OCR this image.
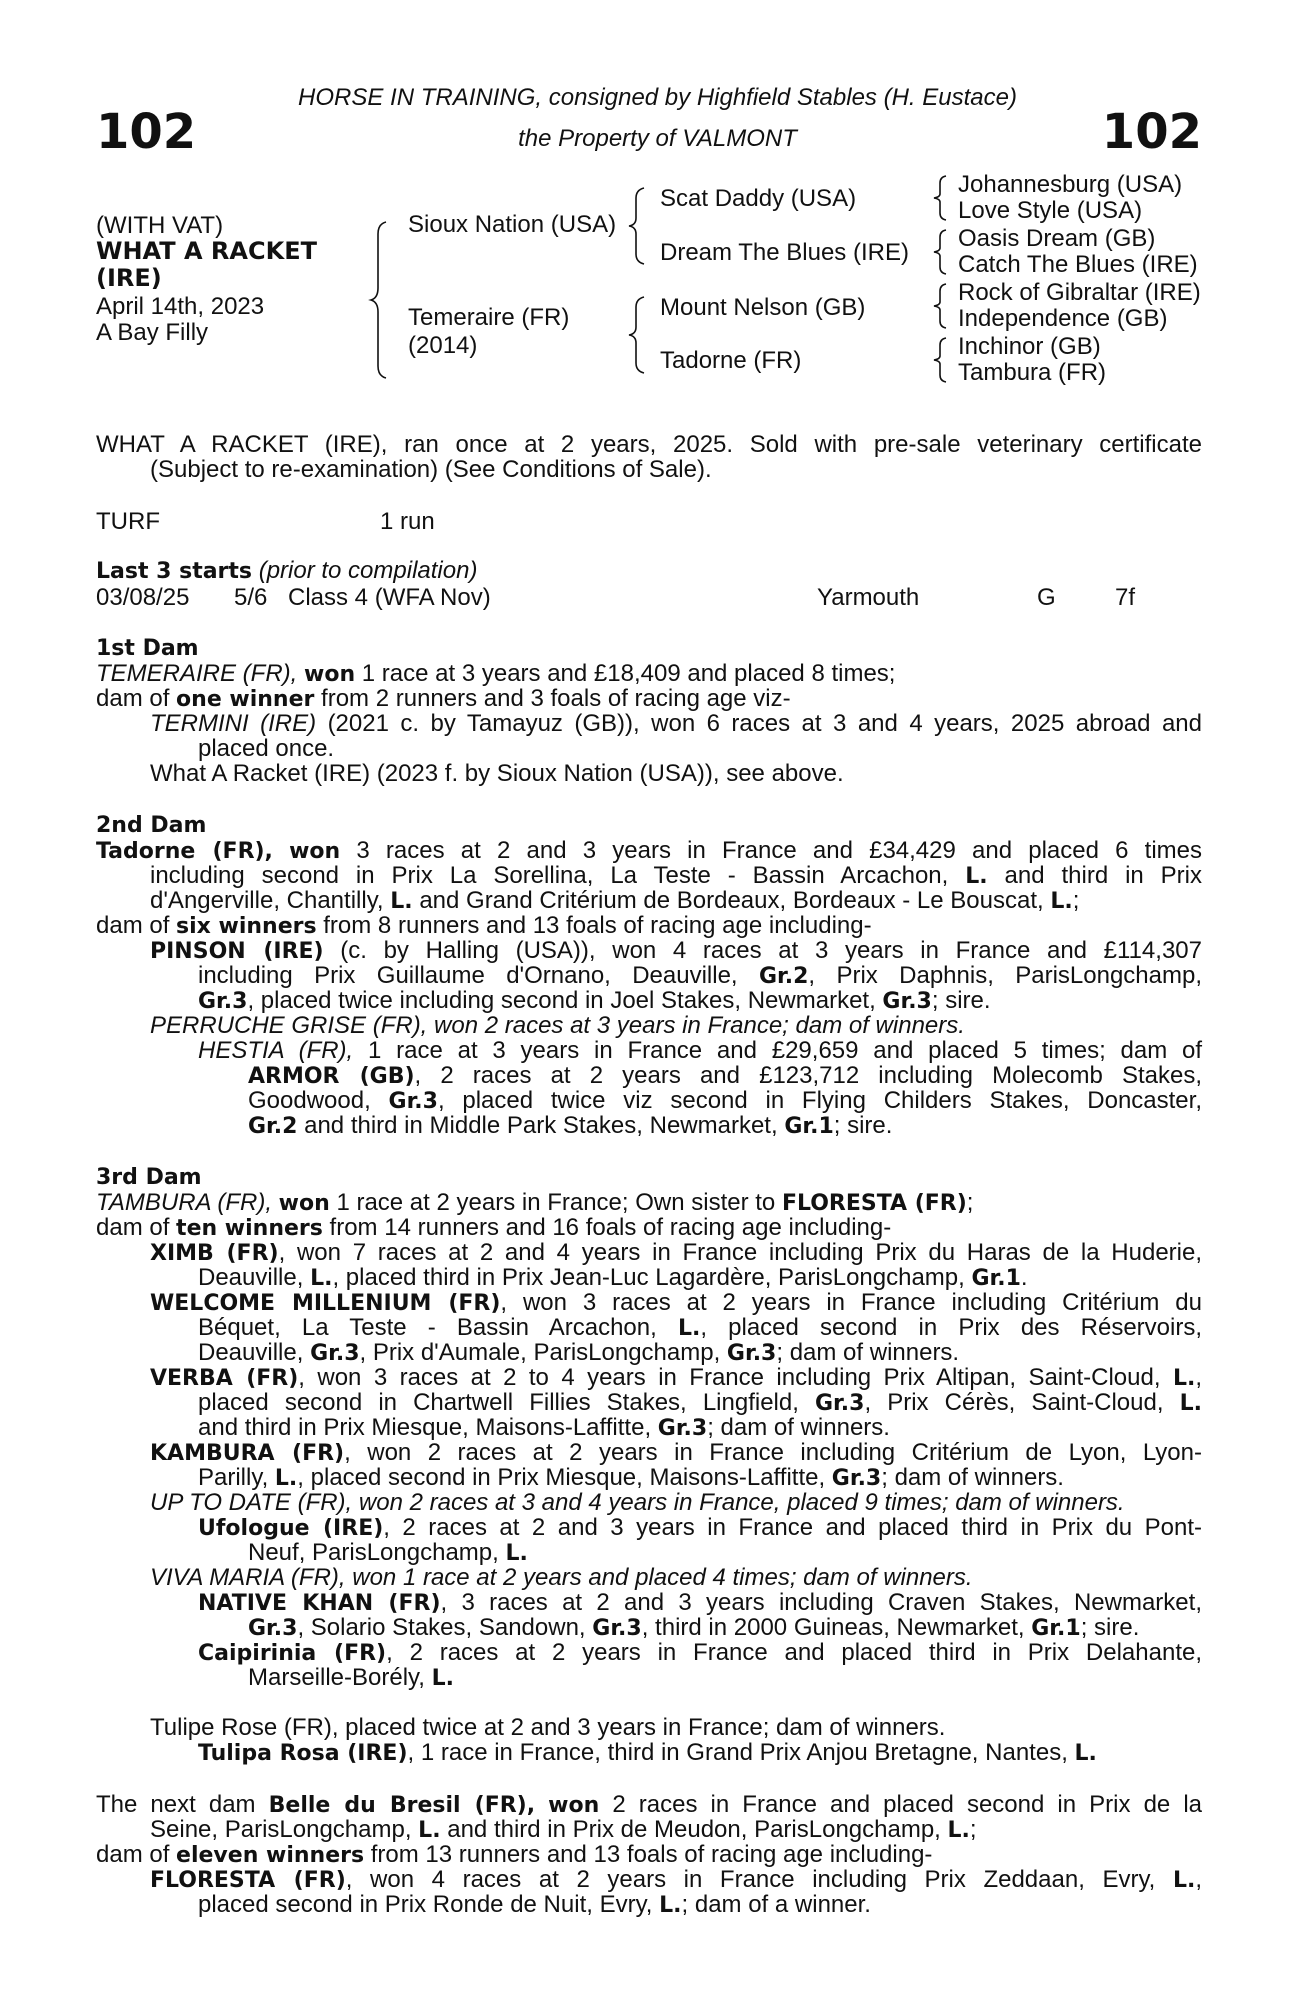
102	102
HORSE IN TRAINING, consigned by Highfield Stables (H. Eustace)
the Property of VALMONT
(WITH VAT)
WHAT A RACKET
(IRE)
April 14th, 2023
A Bay Filly
Sioux Nation (USA)
Temeraire (FR)
(2014)
Scat Daddy (USA)
Dream The Blues (IRE)
Mount Nelson (GB)
Tadorne (FR)
Johannesburg (USA)
Love Style (USA)
Oasis Dream (GB)
Catch The Blues (IRE)
Rock of Gibraltar (IRE)
Independence (GB)
Inchinor (GB)
Tambura (FR)
WHAT A RACKET (IRE), ran once at 2 years, 2025. Sold with pre-sale veterinary certificate
(Subject to re-examination) (See Conditions of Sale).
TURF	1 run
Last 3 starts (prior to compilation)
03/08/25 5/6 Class 4 (WFA Nov)	Yarmouth	G 7f
1st Dam
TEMERAIRE (FR), won 1 race at 3 years and £18,409 and placed 8 times;
dam of one winner from 2 runners and 3 foals of racing age viz-
TERMINI (IRE) (2021 c. by Tamayuz (GB)), won 6 races at 3 and 4 years, 2025 abroad and
placed once.
What A Racket (IRE) (2023 f. by Sioux Nation (USA)), see above.
2nd Dam
Tadorne (FR), won 3 races at 2 and 3 years in France and £34,429 and placed 6 times
including second in Prix La Sorellina, La Teste - Bassin Arcachon, L. and third in Prix
d'Angerville, Chantilly, L. and Grand Critérium de Bordeaux, Bordeaux - Le Bouscat, L.;
dam of six winners from 8 runners and 13 foals of racing age including-
PINSON (IRE) (c. by Halling (USA)), won 4 races at 3 years in France and £114,307
including Prix Guillaume d'Ornano, Deauville, Gr.2, Prix Daphnis, ParisLongchamp,
Gr.3, placed twice including second in Joel Stakes, Newmarket, Gr.3; sire.
PERRUCHE GRISE (FR), won 2 races at 3 years in France; dam of winners.
HESTIA (FR), 1 race at 3 years in France and £29,659 and placed 5 times; dam of
ARMOR (GB), 2 races at 2 years and £123,712 including Molecomb Stakes,
Goodwood, Gr.3, placed twice viz second in Flying Childers Stakes, Doncaster,
Gr.2 and third in Middle Park Stakes, Newmarket, Gr.1; sire.
3rd Dam
TAMBURA (FR), won 1 race at 2 years in France; Own sister to FLORESTA (FR);
dam of ten winners from 14 runners and 16 foals of racing age including-
XIMB (FR), won 7 races at 2 and 4 years in France including Prix du Haras de la Huderie,
Deauville, L., placed third in Prix Jean-Luc Lagardère, ParisLongchamp, Gr.1.
WELCOME MILLENIUM (FR), won 3 races at 2 years in France including Critérium du
Béquet, La Teste - Bassin Arcachon, L., placed second in Prix des Réservoirs,
Deauville, Gr.3, Prix d'Aumale, ParisLongchamp, Gr.3; dam of winners.
VERBA (FR), won 3 races at 2 to 4 years in France including Prix Altipan, Saint-Cloud, L.,
placed second in Chartwell Fillies Stakes, Lingfield, Gr.3, Prix Cérès, Saint-Cloud, L.
and third in Prix Miesque, Maisons-Laffitte, Gr.3; dam of winners.
KAMBURA (FR), won 2 races at 2 years in France including Critérium de Lyon, Lyon-
Parilly, L., placed second in Prix Miesque, Maisons-Laffitte, Gr.3; dam of winners.
UP TO DATE (FR), won 2 races at 3 and 4 years in France, placed 9 times; dam of winners.
Ufologue (IRE), 2 races at 2 and 3 years in France and placed third in Prix du Pont-
Neuf, ParisLongchamp, L.
VIVA MARIA (FR), won 1 race at 2 years and placed 4 times; dam of winners.
NATIVE KHAN (FR), 3 races at 2 and 3 years including Craven Stakes, Newmarket,
Gr.3, Solario Stakes, Sandown, Gr.3, third in 2000 Guineas, Newmarket, Gr.1; sire.
Caipirinia (FR), 2 races at 2 years in France and placed third in Prix Delahante,
Marseille-Borély, L.
Tulipe Rose (FR), placed twice at 2 and 3 years in France; dam of winners.
Tulipa Rosa (IRE), 1 race in France, third in Grand Prix Anjou Bretagne, Nantes, L.
The next dam Belle du Bresil (FR), won 2 races in France and placed second in Prix de la
Seine, ParisLongchamp, L. and third in Prix de Meudon, ParisLongchamp, L.;
dam of eleven winners from 13 runners and 13 foals of racing age including-
FLORESTA (FR), won 4 races at 2 years in France including Prix Zeddaan, Evry, L.,
placed second in Prix Ronde de Nuit, Evry, L.; dam of a winner.
